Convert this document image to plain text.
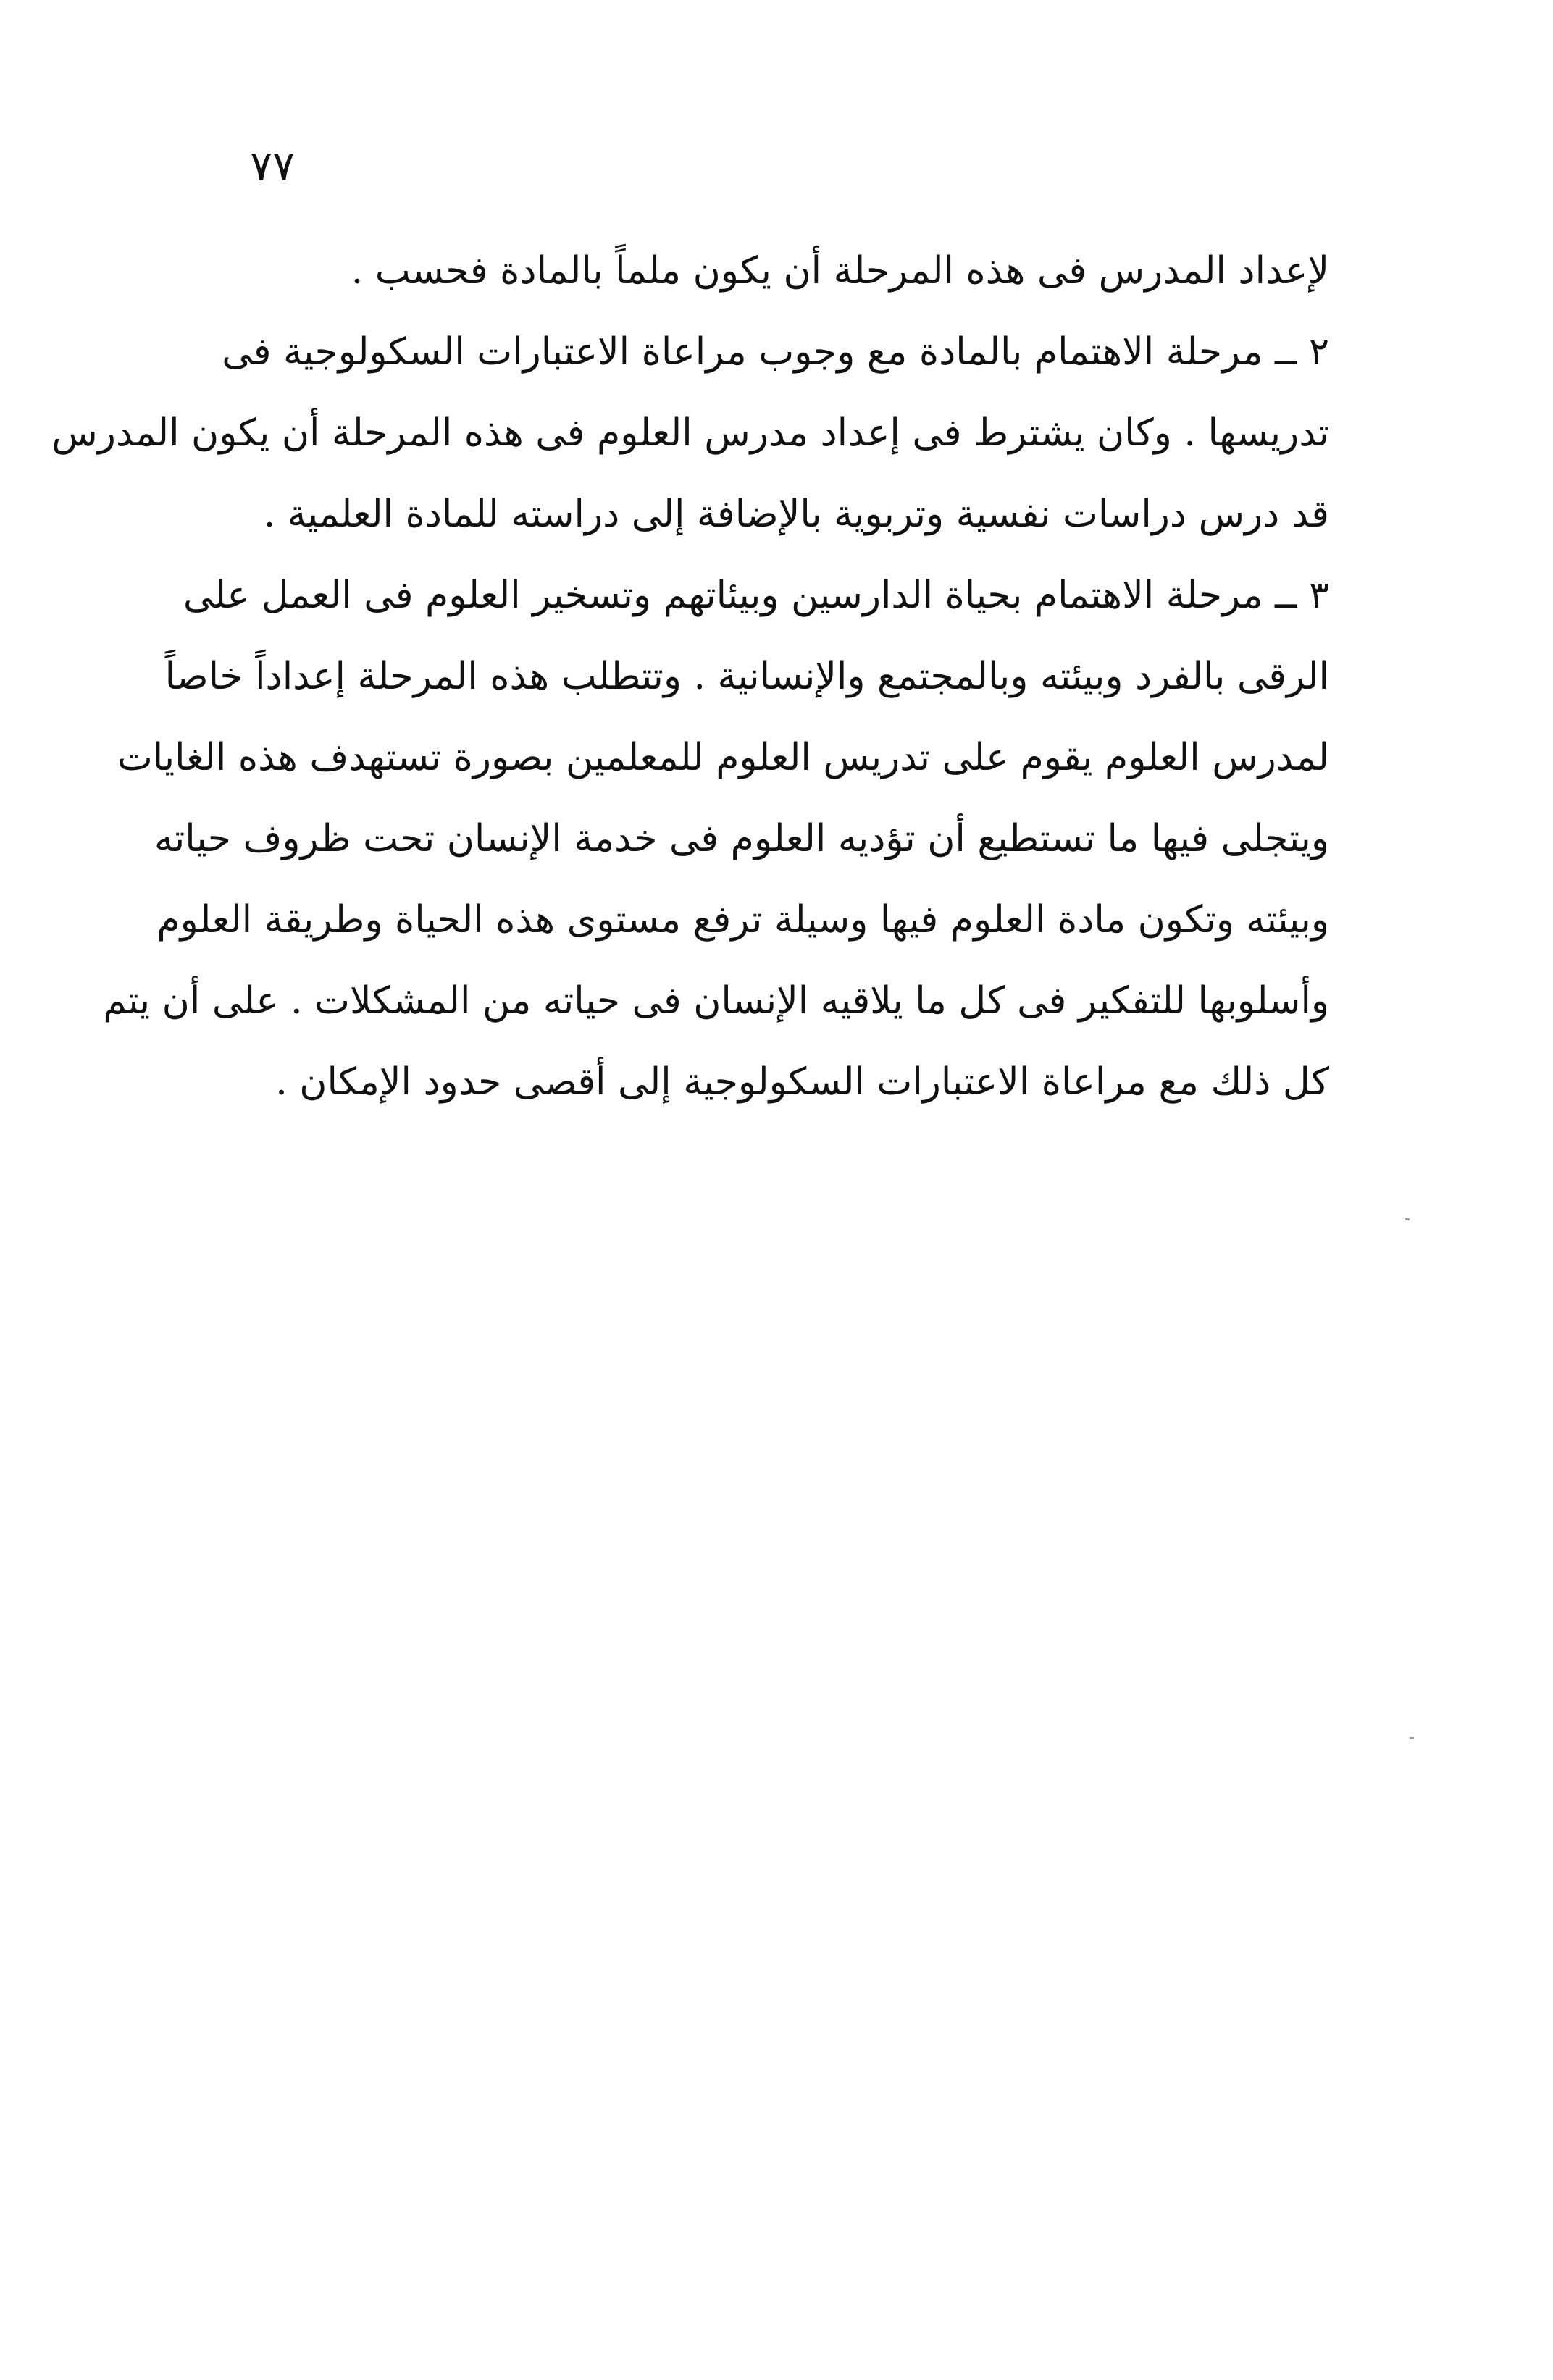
٧٧
لإعداد المدرس فى هذه المرحلة أن يكون ملماً بالمادة فحسب .
٢ ــ مرحلة الاهتمام بالمادة مع وجوب مراعاة الاعتبارات السكولوجية فى
تدريسها . وكان يشترط فى إعداد مدرس العلوم فى هذه المرحلة أن يكون المدرس
قد درس دراسات نفسية وتربوية بالإضافة إلى دراسته للمادة العلمية .
٣ ــ مرحلة الاهتمام بحياة الدارسين وبيئاتهم وتسخير العلوم فى العمل على
الرقى بالفرد وبيئته وبالمجتمع والإنسانية . وتتطلب هذه المرحلة إعداداً خاصاً
لمدرس العلوم يقوم على تدريس العلوم للمعلمين بصورة تستهدف هذه الغايات
ويتجلى فيها ما تستطيع أن تؤديه العلوم فى خدمة الإنسان تحت ظروف حياته
وبيئته وتكون مادة العلوم فيها وسيلة ترفع مستوى هذه الحياة وطريقة العلوم
وأسلوبها للتفكير فى كل ما يلاقيه الإنسان فى حياته من المشكلات . على أن يتم
كل ذلك مع مراعاة الاعتبارات السكولوجية إلى أقصى حدود الإمكان .
